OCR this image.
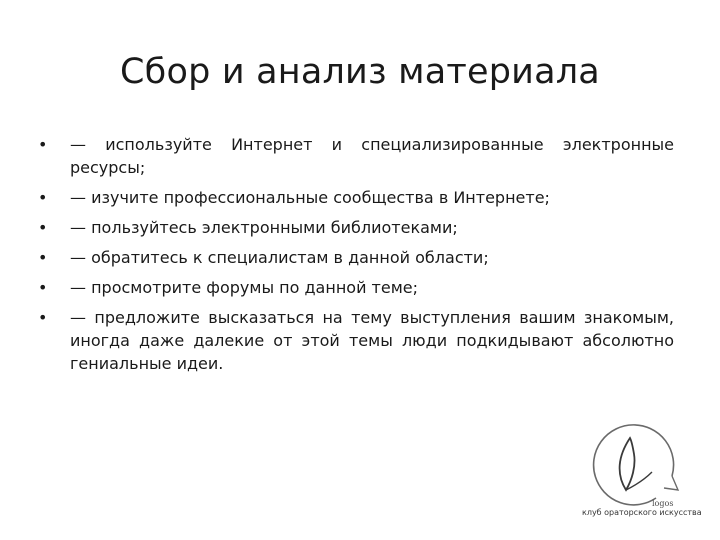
Сбор и анализ материала
• — используйте Интернет и специализированные электронные ресурсы;
• — изучите профессиональные сообщества в Интернете;
• — пользуйтесь электронными библиотеками;
• — обратитесь к специалистам в данной области;
• — просмотрите форумы по данной теме;
• — предложите высказаться на тему выступления вашим знакомым, иногда даже далекие от этой темы люди подкидывают абсолютно гениальные идеи.
logos
клуб ораторского искусства
